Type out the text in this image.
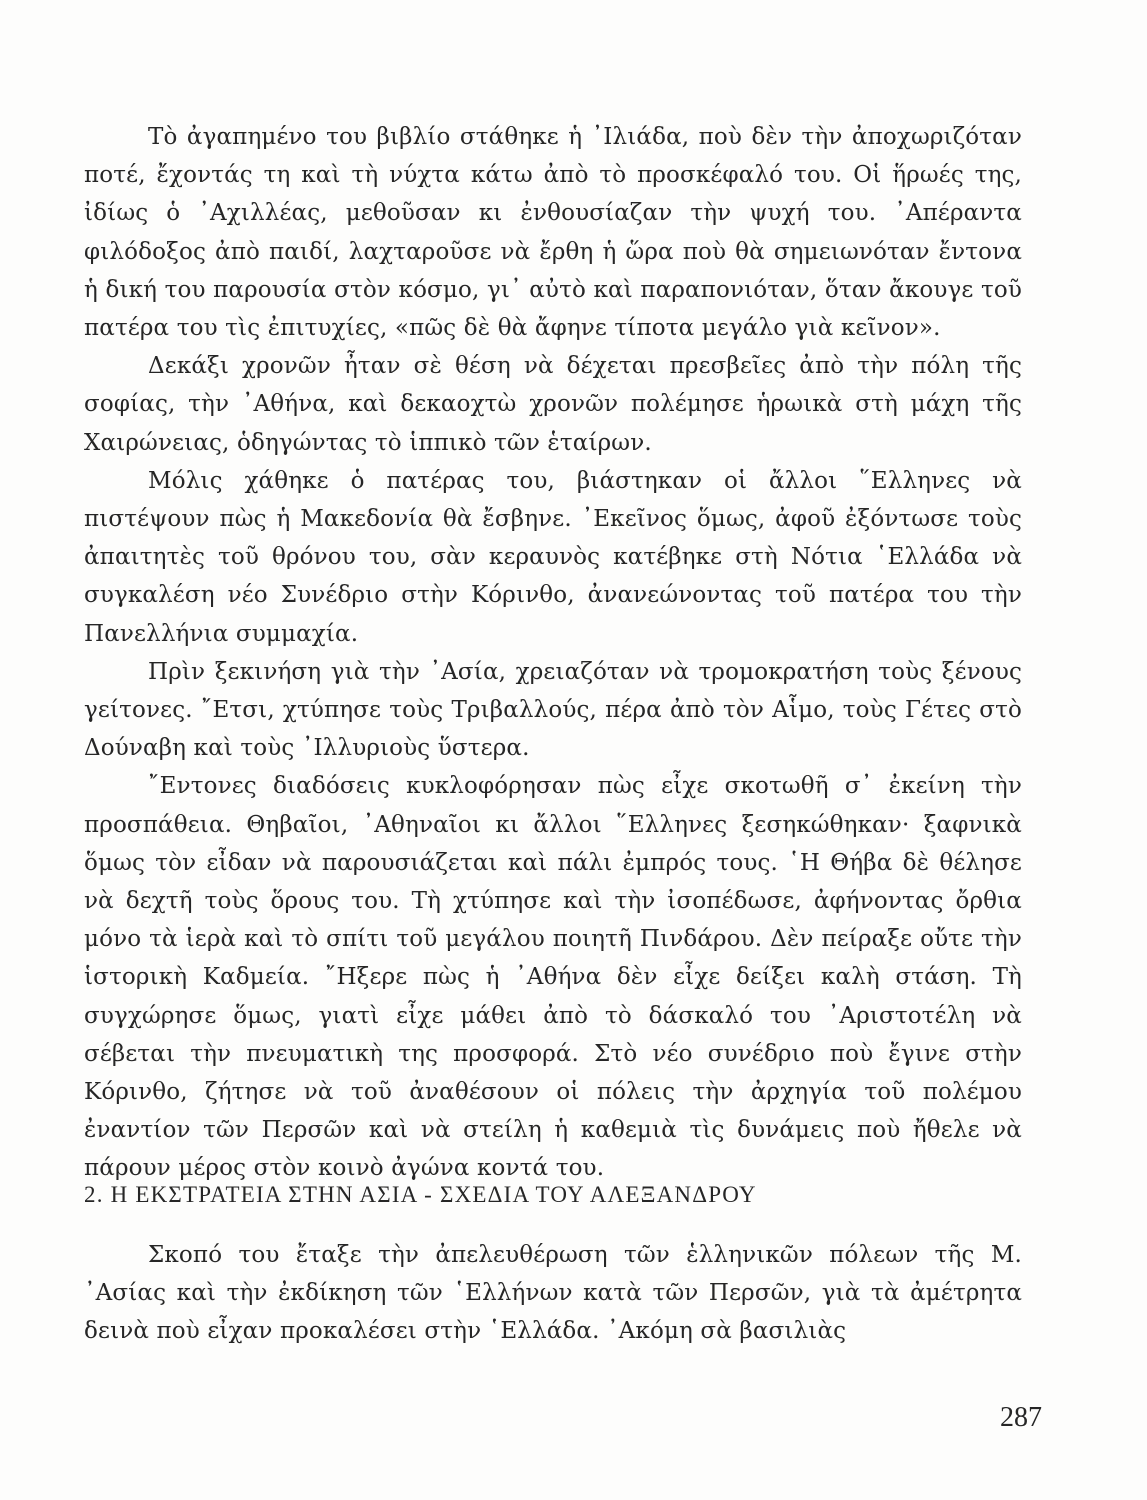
Τὸ ἀγαπημένο του βιβλίο στάθηκε ἡ ᾿Ιλιάδα, ποὺ δὲν τὴν ἀποχωριζόταν ποτέ, ἔχοντάς τη καὶ τὴ νύχτα κάτω ἀπὸ τὸ προσκέφαλό του. Οἱ ἥρωές της, ἰδίως ὁ ᾿Αχιλλέας, μεθοῦσαν κι ἐνθουσίαζαν τὴν ψυχή του. ᾿Απέραντα φιλόδοξος ἀπὸ παιδί, λαχταροῦσε νὰ ἔρθη ἡ ὥρα ποὺ θὰ σημειωνόταν ἔντονα ἡ δική του παρουσία στὸν κόσμο, γι᾿ αὐτὸ καὶ παραπονιόταν, ὅταν ἄκουγε τοῦ πατέρα του τὶς ἐπιτυχίες, «πῶς δὲ θὰ ἄφηνε τίποτα μεγάλο γιὰ κεῖνον».

Δεκάξι χρονῶν ἦταν σὲ θέση νὰ δέχεται πρεσβεῖες ἀπὸ τὴν πόλη τῆς σοφίας, τὴν ᾿Αθήνα, καὶ δεκαοχτὼ χρονῶν πολέμησε ἡρωικὰ στὴ μάχη τῆς Χαιρώνειας, ὁδηγώντας τὸ ἱππικὸ τῶν ἑταίρων.

Μόλις χάθηκε ὁ πατέρας του, βιάστηκαν οἱ ἄλλοι ῞Ελληνες νὰ πιστέψουν πὼς ἡ Μακεδονία θὰ ἔσβηνε. ᾿Εκεῖνος ὅμως, ἀφοῦ ἐξόντωσε τοὺς ἀπαιτητὲς τοῦ θρόνου του, σὰν κεραυνὸς κατέβηκε στὴ Νότια ῾Ελλάδα νὰ συγκαλέση νέο Συνέδριο στὴν Κόρινθο, ἀνανεώνοντας τοῦ πατέρα του τὴν Πανελλήνια συμμαχία.

Πρὶν ξεκινήση γιὰ τὴν ᾿Ασία, χρειαζόταν νὰ τρομοκρατήση τοὺς ξένους γείτονες. ῎Ετσι, χτύπησε τοὺς Τριβαλλούς, πέρα ἀπὸ τὸν Αἷμο, τοὺς Γέτες στὸ Δούναβη καὶ τοὺς ᾿Ιλλυριοὺς ὕστερα.

῎Εντονες διαδόσεις κυκλοφόρησαν πὼς εἶχε σκοτωθῆ σ᾿ ἐκείνη τὴν προσπάθεια. Θηβαῖοι, ᾿Αθηναῖοι κι ἄλλοι ῞Ελληνες ξεσηκώθηκαν· ξαφνικὰ ὅμως τὸν εἶδαν νὰ παρουσιάζεται καὶ πάλι ἐμπρός τους. ῾Η Θήβα δὲ θέλησε νὰ δεχτῆ τοὺς ὅρους του. Τὴ χτύπησε καὶ τὴν ἰσοπέδωσε, ἀφήνοντας ὄρθια μόνο τὰ ἱερὰ καὶ τὸ σπίτι τοῦ μεγάλου ποιητῆ Πινδάρου. Δὲν πείραξε οὔτε τὴν ἱστορικὴ Καδμεία. ῎Ηξερε πὼς ἡ ᾿Αθήνα δὲν εἶχε δείξει καλὴ στάση. Τὴ συγχώρησε ὅμως, γιατὶ εἶχε μάθει ἀπὸ τὸ δάσκαλό του ᾿Αριστοτέλη νὰ σέβεται τὴν πνευματικὴ της προσφορά. Στὸ νέο συνέδριο ποὺ ἔγινε στὴν Κόρινθο, ζήτησε νὰ τοῦ ἀναθέσουν οἱ πόλεις τὴν ἀρχηγία τοῦ πολέμου ἐναντίον τῶν Περσῶν καὶ νὰ στείλη ἡ καθεμιὰ τὶς δυνάμεις ποὺ ἤθελε νὰ πάρουν μέρος στὸν κοινὸ ἀγώνα κοντά του.

2. Η ΕΚΣΤΡΑΤΕΙΑ ΣΤΗΝ ΑΣΙΑ - ΣΧΕΔΙΑ ΤΟΥ ΑΛΕΞΑΝΔΡΟΥ

Σκοπό του ἔταξε τὴν ἀπελευθέρωση τῶν ἑλληνικῶν πόλεων τῆς Μ. ᾿Ασίας καὶ τὴν ἐκδίκηση τῶν ῾Ελλήνων κατὰ τῶν Περσῶν, γιὰ τὰ ἀμέτρητα δεινὰ ποὺ εἶχαν προκαλέσει στὴν ῾Ελλάδα. ᾿Ακόμη σὰ βασιλιὰς

287
